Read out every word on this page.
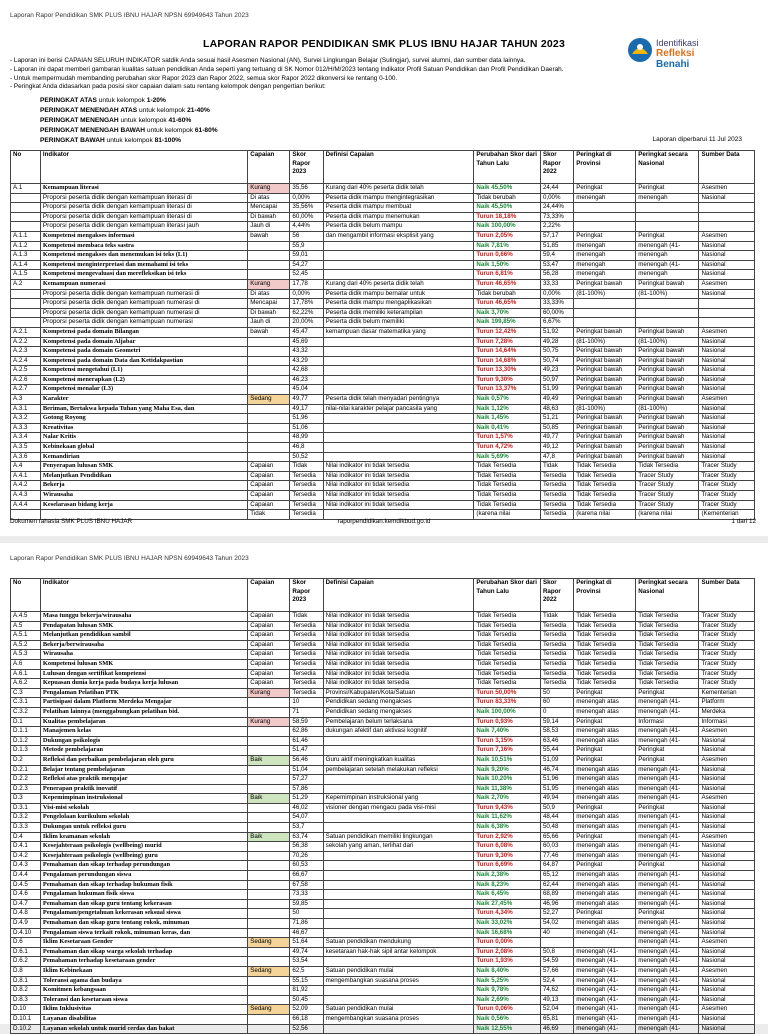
Laporan Rapor Pendidikan SMK PLUS IBNU HAJAR NPSN 69949643 Tahun 2023
LAPORAN RAPOR PENDIDIKAN SMK PLUS IBNU HAJAR TAHUN 2023	Identifikasi
Refleksi
Benahi
- Laporan ini berisi CAPAIAN SELURUH INDIKATOR satdik Anda sesuai hasil Asesmen Nasional (AN), Survei Lingkungan Belajar (Sulingjar), survei alumni, dan sumber data lainnya.
- Laporan ini dapat memberi gambaran kualitas satuan pendidikan Anda seperti yang tertuang di SK Nomor 012/H/M/2023 tentang Indikator Profil Satuan Pendidikan dan Profil Pendidikan Daerah.
- Untuk mempermudah membanding perubahan skor Rapor 2023 dan Rapor 2022, semua skor Rapor 2022 dikonversi ke rentang 0-100.
- Peringkat Anda didasarkan pada posisi skor capaian dalam satu rentang kelompok dengan pengertian berikut:
PERINGKAT ATAS untuk kelompok 1-20%
PERINGKAT MENENGAH ATAS untuk kelompok 21-40%
PERINGKAT MENENGAH untuk kelompok 41-60%
PERINGKAT MENENGAH BAWAH untuk kelompok 61-80%
PERINGKAT BAWAH untuk kelompok 81-100%	Laporan diperbarui 11 Jul 2023
No	Indikator	Capaian	Skor Rapor 2023	Definisi Capaian	Perubahan Skor dari Tahun Lalu	Skor Rapor 2022	Peringkat di Provinsi	Peringkat secara Nasional	Sumber Data
A.1	Kemampuan literasi	Kurang	35,56	Kurang dari 40% peserta didik telah	Naik 45,50%	24,44	Peringkat	Peringkat	Asesmen
	Proporsi peserta didik dengan kemampuan literasi di	Di atas	0,00%	Peserta didik mampu mengintegrasikan	Tidak berubah	0,00%	menengah	menengah	Nasional
	Proporsi peserta didik dengan kemampuan literasi di	Mencapai	35,56%	Peserta didik mampu membuat	Naik 45,50%	24,44%			
	Proporsi peserta didik dengan kemampuan literasi di	Di bawah	60,00%	Peserta didik mampu menemukan	Turun 18,18%	73,33%			
	Proporsi peserta didik dengan kemampuan literasi jauh	Jauh di	4,44%	Peserta didik belum mampu	Naik 100,00%	2,22%			
A.1.1	Kompetensi mengakses informasi	bawah	56	dan mengambil informasi eksplisit yang	Turun 2,05%	57,17	Peringkat	Peringkat	Asesmen
A.1.2	Kompetensi membaca teks sastra		55,9		Naik 7,81%	51,85	menengah	menengah (41-	Nasional
A.1.3	Kompetensi mengakses dan menemukan isi teks (L1)		59,01		Turun 0,66%	59,4	menengah	menengah	Nasional
A.1.4	Kompetensi menginterpretasi dan memahami isi teks		54,27		Naik 1,50%	53,47	menengah	menengah (41-	Nasional
A.1.5	Kompetensi mengevaluasi dan merefleksikan isi teks		52,45		Turun 6,81%	56,28	menengah	menengah	Nasional
A.2	Kemampuan numerasi	Kurang	17,78	Kurang dari 40% peserta didik telah	Turun 46,65%	33,33	Peringkat bawah	Peringkat bawah	Asesmen
	Proporsi peserta didik dengan kemampuan numerasi di	Di atas	0,00%	Peserta didik mampu bernalar untuk	Tidak berubah	0,00%	(81-100%)	(81-100%)	Nasional
	Proporsi peserta didik dengan kemampuan numerasi di	Mencapai	17,78%	Peserta didik mampu mengaplikasikan	Turun 46,65%	33,33%			
	Proporsi peserta didik dengan kemampuan numerasi di	Di bawah	62,22%	Peserta didik memiliki keterampilan	Naik 3,70%	60,00%			
	Proporsi peserta didik dengan kemampuan numerasi	Jauh di	20,00%	Peserta didik belum memiliki	Naik 199,85%	6,67%			
A.2.1	Kompetensi pada domain Bilangan	bawah	45,47	kemampuan dasar matematika yang	Turun 12,42%	51,92	Peringkat bawah	Peringkat bawah	Asesmen
A.2.2	Kompetensi pada domain Aljabar		45,69		Turun 7,28%	49,28	(81-100%)	(81-100%)	Nasional
A.2.3	Kompetensi pada domain Geometri		43,32		Turun 14,64%	50,75	Peringkat bawah	Peringkat bawah	Nasional
A.2.4	Kompetensi pada domain Data dan Ketidakpastian		43,29		Turun 14,68%	50,74	Peringkat bawah	Peringkat bawah	Nasional
A.2.5	Kompetensi mengetahui (L1)		42,68		Turun 13,30%	49,23	Peringkat bawah	Peringkat bawah	Nasional
A.2.6	Kompetensi menerapkan (L2)		46,23		Turun 9,30%	50,97	Peringkat bawah	Peringkat bawah	Nasional
A.2.7	Kompetensi menalar (L3)		45,04		Turun 13,37%	51,99	Peringkat bawah	Peringkat bawah	Nasional
A.3	Karakter	Sedang	49,77	Peserta didik telah menyadari pentingnya	Naik 0,57%	49,49	Peringkat bawah	Peringkat bawah	Asesmen
A.3.1	Beriman, Bertakwa kepada Tuhan yang Maha Esa, dan		49,17	nilai-nilai karakter pelajar pancasila yang	Naik 1,12%	48,63	(81-100%)	(81-100%)	Nasional
A.3.2	Gotong Royong		51,96		Naik 1,45%	51,21	Peringkat bawah	Peringkat bawah	Nasional
A.3.3	Kreativitas		51,06		Naik 0,41%	50,85	Peringkat bawah	Peringkat bawah	Nasional
A.3.4	Nalar Kritis		48,99		Turun 1,57%	49,77	Peringkat bawah	Peringkat bawah	Nasional
A.3.5	Kebinekaan global		46,8		Turun 4,72%	49,12	Peringkat bawah	Peringkat bawah	Nasional
A.3.6	Kemandirian		50,52		Naik 5,69%	47,8	Peringkat bawah	Peringkat bawah	Nasional
A.4	Penyerapan lulusan SMK	Capaian	Tidak	Nilai indikator ini tidak tersedia	Tidak Tersedia	Tidak	Tidak Tersedia	Tidak Tersedia	Tracer Study
A.4.1	Melanjutkan Pendidikan	Capaian	Tersedia	Nilai indikator ini tidak tersedia	Tidak Tersedia	Tersedia	Tidak Tersedia	Tracer Study	Tracer Study
A.4.2	Bekerja	Capaian	Tersedia	Nilai indikator ini tidak tersedia	Tidak Tersedia	Tersedia	Tidak Tersedia	Tracer Study	Tracer Study
A.4.3	Wirausaha	Capaian	Tersedia	Nilai indikator ini tidak tersedia	Tidak Tersedia	Tersedia	Tidak Tersedia	Tracer Study	Tracer Study
A.4.4	Keselarasan bidang kerja	Capaian	Tersedia	Nilai indikator ini tidak tersedia	Tidak Tersedia	Tersedia	Tidak Tersedia	Tracer Study	Tracer Study
		Tidak	Tersedia		(karena nilai	Tersedia	(karena nilai	(karena nilai	(Kementerian
Dokumen rahasia SMK PLUS IBNU HAJAR	raporpendidikan.kemdikbud.go.id	1 dari 12
Laporan Rapor Pendidikan SMK PLUS IBNU HAJAR NPSN 69949643 Tahun 2023
No	Indikator	Capaian	Skor Rapor 2023	Definisi Capaian	Perubahan Skor dari Tahun Lalu	Skor Rapor 2022	Peringkat di Provinsi	Peringkat secara Nasional	Sumber Data
A.4.5	Masa tunggu bekerja/wirausaha	Capaian	Tidak	Nilai indikator ini tidak tersedia	Tidak Tersedia	Tidak	Tidak Tersedia	Tidak Tersedia	Tracer Study
A.5	Pendapatan lulusan SMK	Capaian	Tersedia	Nilai indikator ini tidak tersedia	Tidak Tersedia	Tersedia	Tidak Tersedia	Tidak Tersedia	Tracer Study
A.5.1	Melanjutkan pendidikan sambil	Capaian	Tersedia	Nilai indikator ini tidak tersedia	Tidak Tersedia	Tersedia	Tidak Tersedia	Tidak Tersedia	Tracer Study
A.5.2	Bekerja/berwirausaha	Capaian	Tersedia	Nilai indikator ini tidak tersedia	Tidak Tersedia	Tersedia	Tidak Tersedia	Tidak Tersedia	Tracer Study
A.5.3	Wirausaha	Capaian	Tersedia	Nilai indikator ini tidak tersedia	Tidak Tersedia	Tersedia	Tidak Tersedia	Tidak Tersedia	Tracer Study
A.6	Kompetensi lulusan SMK	Capaian	Tersedia	Nilai indikator ini tidak tersedia	Tidak Tersedia	Tersedia	Tidak Tersedia	Tidak Tersedia	Tracer Study
A.6.1	Lulusan dengan sertifikat kompetensi	Capaian	Tersedia	Nilai indikator ini tidak tersedia	Tidak Tersedia	Tersedia	Tidak Tersedia	Tidak Tersedia	Tracer Study
A.6.2	Kepuasan dunia kerja pada budaya kerja lulusan	Capaian	Tersedia	Nilai indikator ini tidak tersedia	Tidak Tersedia	Tersedia	Tidak Tersedia	Tidak Tersedia	Tracer Study
C.3	Pengalaman Pelatihan PTK	Kurang	Tersedia	Provinsi/Kabupaten/Kota/Satuan	Turun 50,00%	50	Peringkat	Peringkat	Kementerian
C.3.1	Partisipasi dalam Platform Merdeka Mengajar		10	Pendidikan sedang mengakses	Turun 83,33%	60	menengah atas	menengah (41-	Platform
C.3.2	Pelatihan lainnya (menggabungkan pelatihan bid.		71	Pendidikan sedang mengakses	Naik 100,00%	0	menengah atas	menengah (41-	Merdeka
D.1	Kualitas pembelajaran	Kurang	58,59	Pembelajaran belum terlaksana	Turun 0,93%	59,14	Peringkat	Informasi	Informasi
D.1.1	Manajemen kelas		62,86	dukungan afektif dan aktivasi kognitif	Naik 7,40%	58,53	menengah atas	menengah (41-	Asesmen
D.1.2	Dukungan psikologis		61,46		Turun 3,15%	63,46	menengah atas	menengah (41-	Nasional
D.1.3	Metode pembelajaran		51,47		Turun 7,16%	55,44	Peringkat	Peringkat	Nasional
D.2	Refleksi dan perbaikan pembelajaran oleh guru	Baik	56,46	Guru aktif meningkatkan kualitas	Naik 10,51%	51,09	Peringkat	Peringkat	Asesmen
D.2.1	Belajar tentang pembelajaran		51,04	pembelajaran setelah melakukan refleksi	Naik 9,20%	46,74	menengah atas	menengah (41-	Nasional
D.2.2	Refleksi atas praktik mengajar		57,27		Naik 10,20%	51,96	menengah atas	menengah (41-	Nasional
D.2.3	Penerapan praktik inovatif		57,86		Naik 11,38%	51,95	menengah atas	menengah (41-	Nasional
D.3	Kepemimpinan instruksional	Baik	51,29	Kepemimpinan instruksional yang	Naik 2,70%	49,94	menengah atas	menengah (41-	Asesmen
D.3.1	Visi-misi sekolah		46,02	visioner dengan mengacu pada visi-misi	Turun 9,43%	50,9	Peringkat	Peringkat	Nasional
D.3.2	Pengelolaan kurikulum sekolah		54,07		Naik 11,62%	48,44	menengah atas	menengah (41-	Nasional
D.3.3	Dukungan untuk refleksi guru		53,7		Naik 6,38%	50,48	menengah atas	menengah (41-	Nasional
D.4	Iklim keamanan sekolah	Baik	63,74	Satuan pendidikan memiliki lingkungan	Turun 2,92%	65,66	Peringkat	menengah (41-	Asesmen
D.4.1	Kesejahteraan psikologis (wellbeing) murid		56,38	sekolah yang aman, terlihat dari	Turun 6,08%	60,03	menengah atas	menengah (41-	Nasional
D.4.2	Kesejahteraan psikologis (wellbeing) guru		70,26		Turun 9,30%	77,46	menengah atas	menengah (41-	Nasional
D.4.3	Pemahaman dan sikap terhadap perundungan		60,53		Turun 6,69%	64,87	Peringkat	Peringkat	Nasional
D.4.4	Pengalaman perundungan siswa		66,67		Naik 2,38%	65,12	menengah atas	menengah (41-	Nasional
D.4.5	Pemahaman dan sikap terhadap hukuman fisik		67,58		Naik 8,23%	62,44	menengah atas	menengah (41-	Nasional
D.4.6	Pengalaman hukuman fisik siswa		73,33		Naik 6,45%	68,89	menengah atas	menengah (41-	Nasional
D.4.7	Pemahaman dan sikap guru tentang kekerasan		59,85		Naik 27,45%	46,96	menengah atas	menengah (41-	Nasional
D.4.8	Pengalaman/pengetahuan kekerasan seksual siswa		50		Turun 4,34%	52,27	Peringkat	Peringkat	Nasional
D.4.9	Pemahaman dan sikap guru tentang rokok, minuman		71,86		Naik 33,02%	54,02	menengah atas	menengah (41-	Nasional
D.4.10	Pengalaman siswa terkait rokok, minuman keras, dan		46,67		Naik 16,68%	40	menengah (41-	menengah (41-	Nasional
D.6	Iklim Kesetaraan Gender	Sedang	51,64	Satuan pendidikan mendukung	Turun 0,00%			menengah (41-	Asesmen
D.6.1	Pemahaman dan sikap warga sekolah terhadap		49,74	kesetaraan hak-hak sipil antar kelompok	Turun 2,08%	50,8	menengah (41-	menengah (41-	Nasional
D.6.2	Pemahaman terhadap kesetaraan gender		53,54		Turun 1,93%	54,59	menengah (41-	menengah (41-	Nasional
D.8	Iklim Kebinekaan	Sedang	62,5	Satuan pendidikan mulai	Naik 8,40%	57,66	menengah (41-	menengah (41-	Asesmen
D.8.1	Toleransi agama dan budaya		55,15	mengembangkan suasana proses	Naik 5,25%	52,4	menengah (41-	menengah (41-	Nasional
D.8.2	Komitmen kebangsaan		81,92		Naik 9,78%	74,62	menengah (41-	menengah (41-	Nasional
D.8.3	Toleransi dan kesetaraan siswa		50,45		Naik 2,69%	49,13	menengah (41-	menengah (41-	Nasional
D.10	Iklim Inklusivitas	Sedang	52,09	Satuan pendidikan mulai	Turun 0,06%	52,04	menengah (41-	menengah (41-	Asesmen
D.10.1	Layanan disabilitas		66,18	mengembangkan suasana proses	Naik 0,56%	65,81	menengah (41-	menengah (41-	Nasional
D.10.2	Layanan sekolah untuk murid cerdas dan bakat		52,56		Naik 12,55%	46,69	menengah (41-	menengah (41-	Nasional
